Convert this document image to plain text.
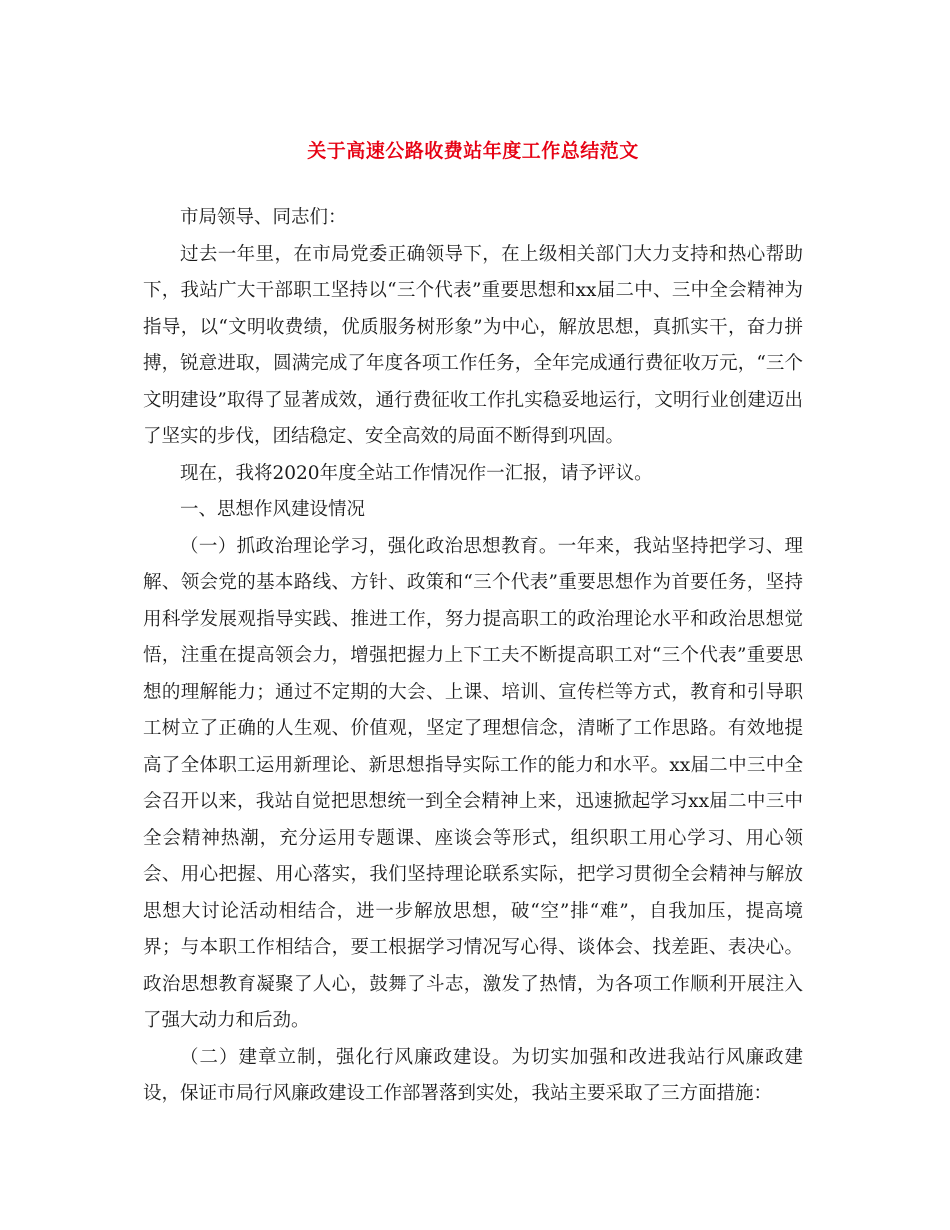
关于高速公路收费站年度工作总结范文

市局领导、同志们：

过去一年里，在市局党委正确领导下，在上级相关部门大力支持和热心帮助下，我站广大干部职工坚持以“三个代表”重要思想和xx届二中、三中全会精神为指导，以“文明收费绩，优质服务树形象”为中心，解放思想，真抓实干，奋力拼搏，锐意进取，圆满完成了年度各项工作任务，全年完成通行费征收万元，“三个文明建设”取得了显著成效，通行费征收工作扎实稳妥地运行，文明行业创建迈出了坚实的步伐，团结稳定、安全高效的局面不断得到巩固。

现在，我将2020年度全站工作情况作一汇报，请予评议。

一、思想作风建设情况

（一）抓政治理论学习，强化政治思想教育。一年来，我站坚持把学习、理解、领会党的基本路线、方针、政策和“三个代表”重要思想作为首要任务，坚持用科学发展观指导实践、推进工作，努力提高职工的政治理论水平和政治思想觉悟，注重在提高领会力，增强把握力上下工夫不断提高职工对“三个代表”重要思想的理解能力；通过不定期的大会、上课、培训、宣传栏等方式，教育和引导职工树立了正确的人生观、价值观，坚定了理想信念，清晰了工作思路。有效地提高了全体职工运用新理论、新思想指导实际工作的能力和水平。xx届二中三中全会召开以来，我站自觉把思想统一到全会精神上来，迅速掀起学习xx届二中三中全会精神热潮，充分运用专题课、座谈会等形式，组织职工用心学习、用心领会、用心把握、用心落实，我们坚持理论联系实际，把学习贯彻全会精神与解放思想大讨论活动相结合，进一步解放思想，破“空”排“难”，自我加压，提高境界；与本职工作相结合，要工根据学习情况写心得、谈体会、找差距、表决心。政治思想教育凝聚了人心，鼓舞了斗志，激发了热情，为各项工作顺利开展注入了强大动力和后劲。

（二）建章立制，强化行风廉政建设。为切实加强和改进我站行风廉政建设，保证市局行风廉政建设工作部署落到实处，我站主要采取了三方面措施：
